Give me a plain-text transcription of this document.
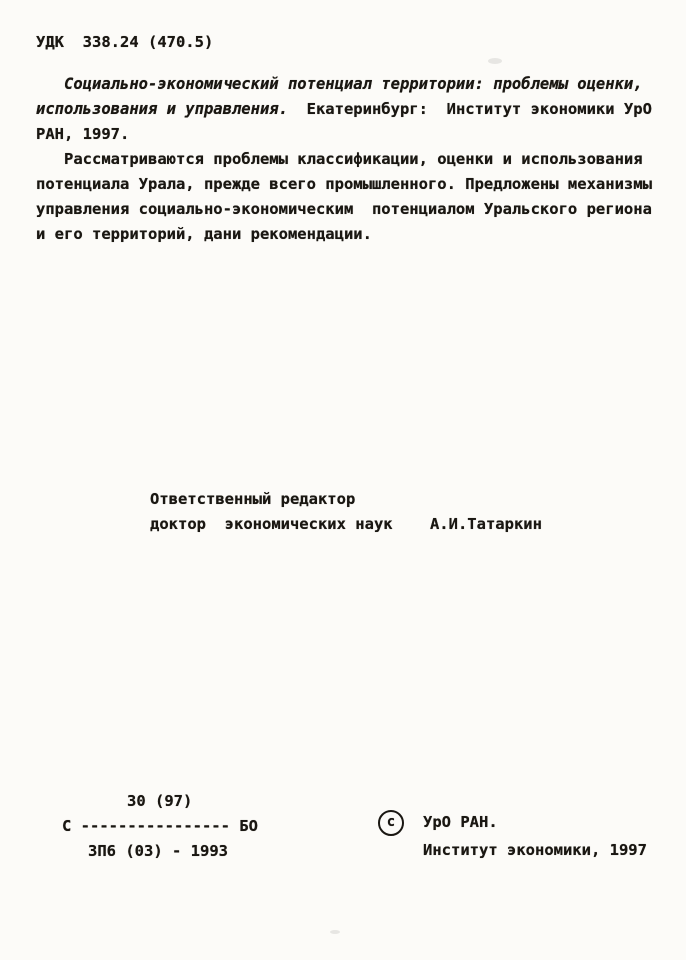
УДК  338.24 (470.5)
Социально-экономический потенциал территории: проблемы оценки,
использования и управления.  Екатеринбург:  Институт экономики УрО
РАН, 1997.
Рассматриваются проблемы классификации, оценки и использования
потенциала Урала, прежде всего промышленного. Предложены механизмы
управления социально-экономическим  потенциалом Уральского региона
и его территорий, дани рекомендации.
Ответственный редактор
доктор  экономических наук    А.И.Татаркин
30 (97)
С ---------------- БО
ЗП6 (03) - 1993
с	УрО РАН.
Институт экономики, 1997
